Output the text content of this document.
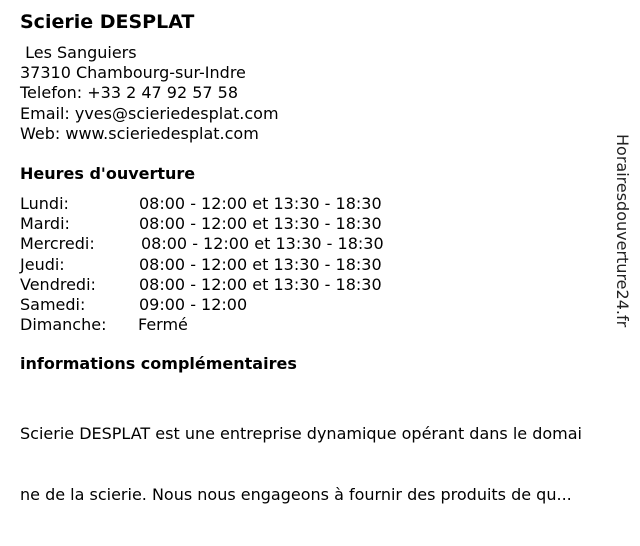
Scierie DESPLAT
Les Sanguiers
37310 Chambourg-sur-Indre
Telefon: +33 2 47 92 57 58
Email: yves@scieriedesplat.com
Web: www.scieriedesplat.com
Heures d'ouverture
Lundi:	08:00 - 12:00 et 13:30 - 18:30
Mardi:	08:00 - 12:00 et 13:30 - 18:30
Mercredi:	08:00 - 12:00 et 13:30 - 18:30
Jeudi:	08:00 - 12:00 et 13:30 - 18:30
Vendredi:	08:00 - 12:00 et 13:30 - 18:30
Samedi:	09:00 - 12:00
Dimanche: Fermé
informations complémentaires

Scierie DESPLAT est une entreprise dynamique opérant dans le domai

ne de la scierie. Nous nous engageons à fournir des produits de qu...

Horairesdouverture24.fr
